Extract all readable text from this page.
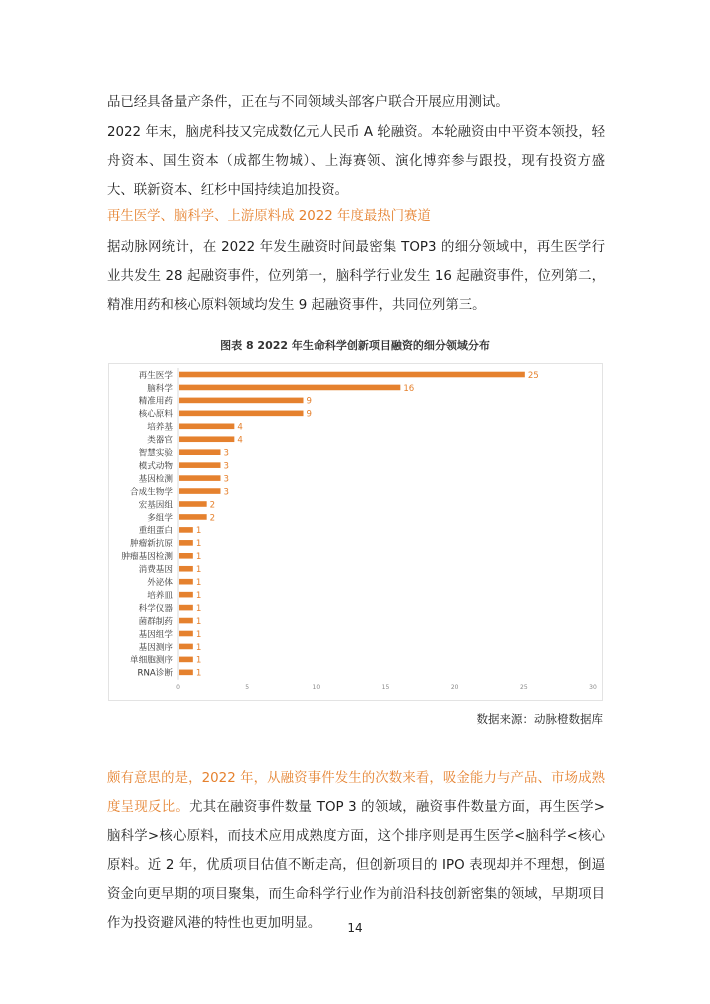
品已经具备量产条件，正在与不同领域头部客户联合开展应用测试。

2022 年末，脑虎科技又完成数亿元人民币 A 轮融资。本轮融资由中平资本领投，轻舟资本、国生资本（成都生物城）、上海赛领、演化博弈参与跟投，现有投资方盛大、联新资本、红杉中国持续追加投资。

再生医学、脑科学、上游原料成 2022 年度最热门赛道

据动脉网统计，在 2022 年发生融资时间最密集 TOP3 的细分领域中，再生医学行业共发生 28 起融资事件，位列第一，脑科学行业发生 16 起融资事件，位列第二，精准用药和核心原料领域均发生 9 起融资事件，共同位列第三。

图表 8 2022 年生命科学创新项目融资的细分领域分布
再生医学	25
脑科学	16
精准用药	9
核心原料	9
培养基	4
类器官	4
智慧实验	3
模式动物	3
基因检测	3
合成生物学	3
宏基因组	2
多组学	2
重组蛋白	1
肿瘤新抗原	1
肿瘤基因检测	1
消费基因	1
外泌体	1
培养皿	1
科学仪器	1
菌群制药	1
基因组学	1
基因测序	1
单细胞测序	1
RNA诊断	1
0	5	10	15	20	25	30
数据来源：动脉橙数据库

颇有意思的是，2022 年，从融资事件发生的次数来看，吸金能力与产品、市场成熟度呈现反比。尤其在融资事件数量 TOP 3 的领域，融资事件数量方面，再生医学>脑科学>核心原料，而技术应用成熟度方面，这个排序则是再生医学<脑科学<核心原料。近 2 年，优质项目估值不断走高，但创新项目的 IPO 表现却并不理想，倒逼资金向更早期的项目聚集，而生命科学行业作为前沿科技创新密集的领域，早期项目作为投资避风港的特性也更加明显。	14
